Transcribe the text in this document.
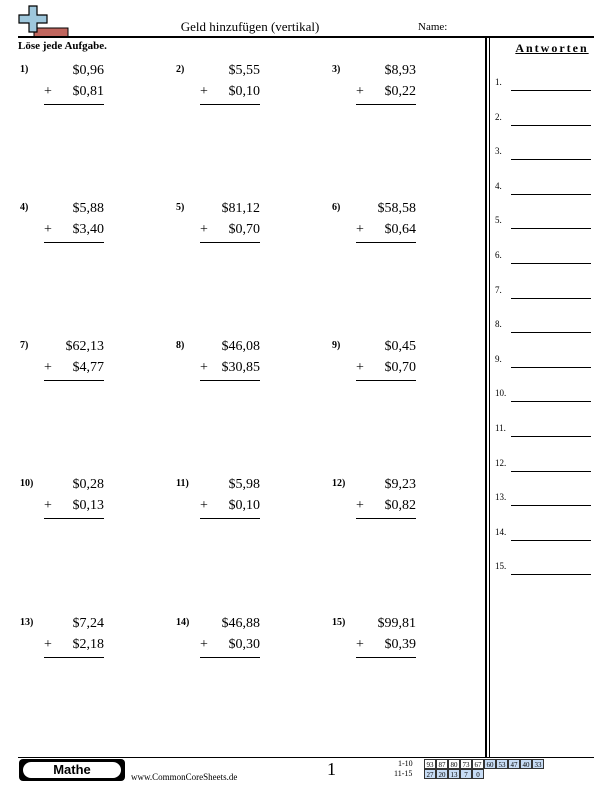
Geld hinzufügen (vertikal)	Name:
Löse jede Aufgabe.	Antworten
1.
2.
3.
4.
5.
6.
7.
8.
9.
10.
11.
12.
13.
14.
15.
1)	$0,96
+	$0,81
2)	$5,55
+	$0,10
3)	$8,93
+	$0,22
4)	$5,88
+	$3,40
5)	$81,12
+	$0,70
6)	$58,58
+	$0,64
7)	$62,13
+	$4,77
8)	$46,08
+ $30,85
9)	$0,45
+	$0,70
10)	$0,28
+	$0,13
11)	$5,98
+	$0,10
12)	$9,23
+	$0,82
13)	$7,24
+	$2,18
14)	$46,88
+	$0,30
15)	$99,81
+	$0,39
Mathe	www.CommonCoreSheets.de	1	1-10	93 87 80 73 67 60 53 47 40 33
11-15	27 20 13 7	0
